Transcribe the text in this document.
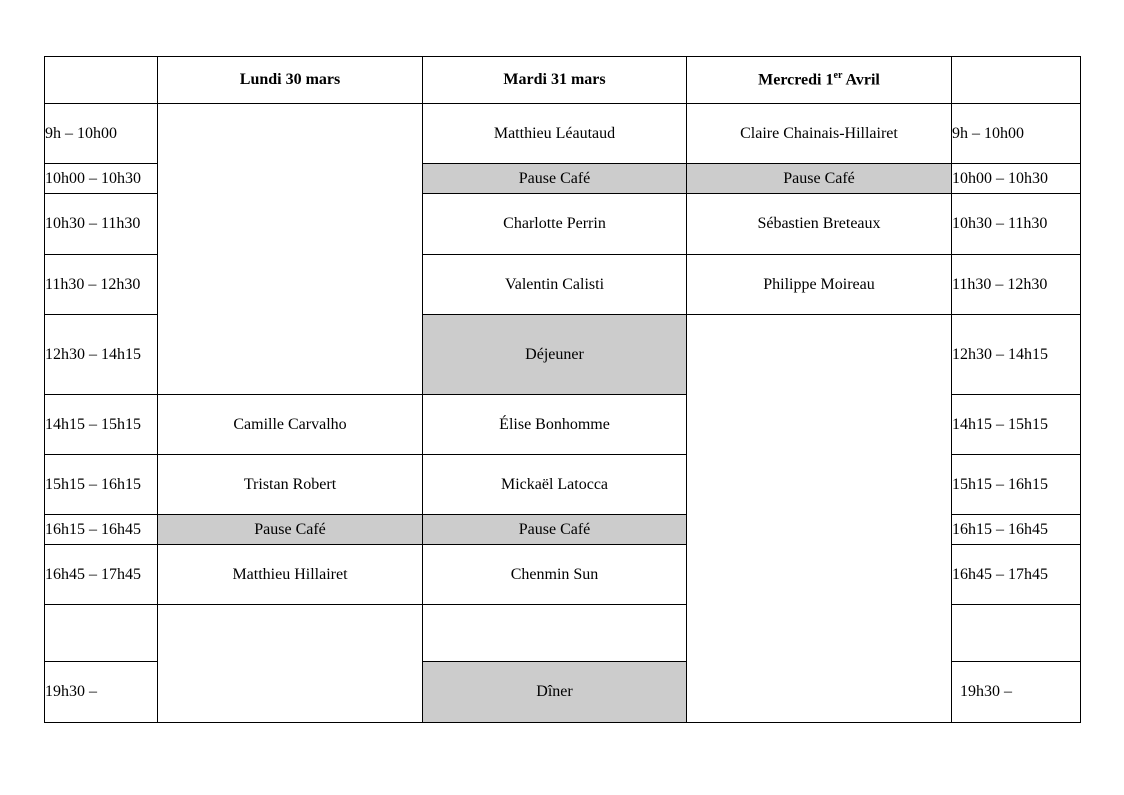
	Lundi 30 mars	Mardi 31 mars	Mercredi 1er Avril	
9h – 10h00		Matthieu Léautaud	Claire Chainais-Hillairet	9h – 10h00
10h00 – 10h30		Pause Café	Pause Café	10h00 – 10h30
10h30 – 11h30		Charlotte Perrin	Sébastien Breteaux	10h30 – 11h30
11h30 – 12h30		Valentin Calisti	Philippe Moireau	11h30 – 12h30
12h30 – 14h15		Déjeuner		12h30 – 14h15
14h15 – 15h15	Camille Carvalho	Élise Bonhomme		14h15 – 15h15
15h15 – 16h15	Tristan Robert	Mickaël Latocca		15h15 – 16h15
16h15 – 16h45	Pause Café	Pause Café		16h15 – 16h45
16h45 – 17h45	Matthieu Hillairet	Chenmin Sun		16h45 – 17h45

19h30 –		Dîner		19h30 –
